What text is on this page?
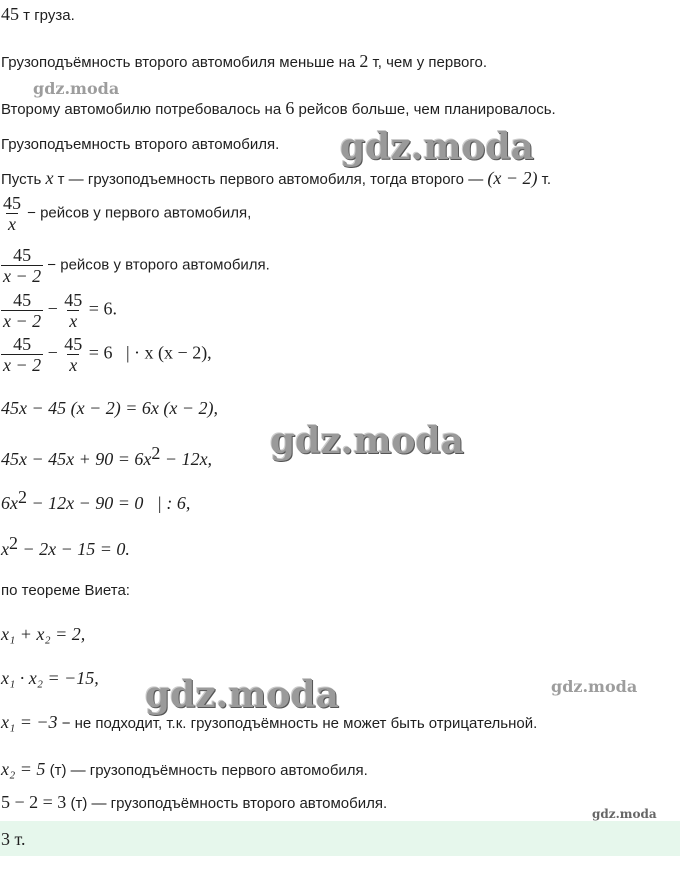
45 т груза.
Грузоподъёмность второго автомобиля меньше на 2 т, чем у первого.
Второму автомобилю потребовалось на 6 рейсов больше, чем планировалось.
Грузоподъемность второго автомобиля.
Пусть x т — грузоподъемность первого автомобиля, тогда второго — (x − 2) т.
$\frac{45}{x}$ − рейсов у первого автомобиля,
$\frac{45}{x - 2}$ − рейсов у второго автомобиля.
$\frac{45}{x - 2} - \frac{45}{x} = 6$.
$\frac{45}{x - 2} - \frac{45}{x} = 6$   | · x (x − 2),
45x − 45 (x − 2) = 6x (x − 2),
$45x - 45x + 90 = 6x^2 - 12x$,
$6x^2 - 12x - 90 = 0$   | : 6,
$x^2 - 2x - 15 = 0$.
по теореме Виета:
x₁ + x₂ = 2,
x₁ · x₂ = −15,
x₁ = −3 − не подходит, т.к. грузоподъёмность не может быть отрицательной.
x₂ = 5 (т) — грузоподъёмность первого автомобиля.
5 − 2 = 3 (т) — грузоподъёмность второго автомобиля.
3 т.
gdz.moda
gdz.moda
gdz.moda
gdz.moda	gdz.moda
gdz.moda
